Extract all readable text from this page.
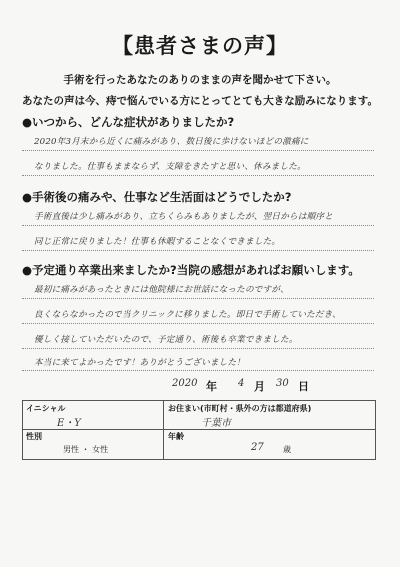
【患者さまの声】
手術を行ったあなたのありのままの声を聞かせて下さい。
あなたの声は今、痔で悩んでいる方にとってとても大きな励みになります。
●いつから、どんな症状がありましたか?
2020年3月末から近くに痛みがあり、数日後に歩けないほどの激痛に
なりました。仕事もままならず、支障をきたすと思い、休みました。
●手術後の痛みや、仕事など生活面はどうでしたか?
手術直後は少し痛みがあり、立ちくらみもありましたが、翌日からは順序と
同じ正常に戻りました！仕事も休暇することなくできました。
●予定通り卒業出来ましたか?当院の感想があればお願いします。
最初に痛みがあったときには他院様にお世話になったのですが、
良くならなかったので当クリニックに移りました。即日で手術していただき、
優しく接していただいたので、予定通り、術後も卒業できました。
本当に来てよかったです！ありがとうございました！
2020 年 4 月 30 日
イニシャル
E・Y
お住まい(市町村・県外の方は都道府県)
千葉市
性別
男性 ・ 女性
年齢
27 歳
